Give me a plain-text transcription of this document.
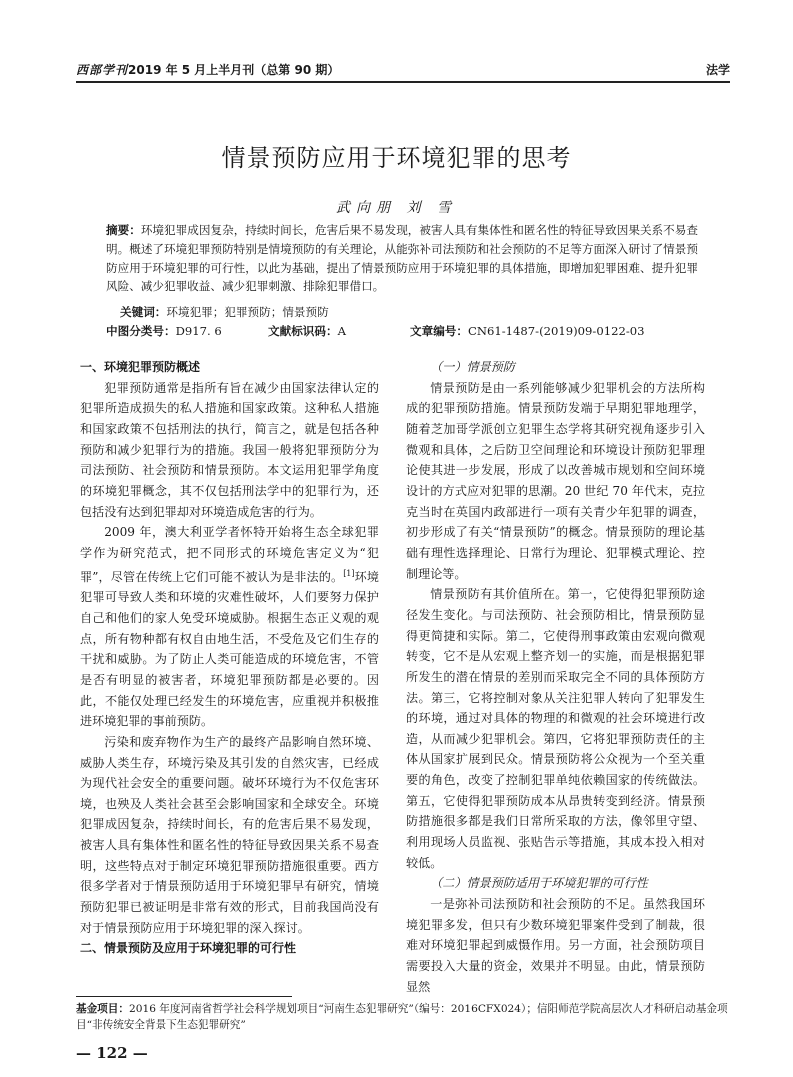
西部学刊2019 年 5 月上半月刊（总第 90 期）	法学
情景预防应用于环境犯罪的思考
武向朋 刘 雪
摘要：环境犯罪成因复杂，持续时间长，危害后果不易发现，被害人具有集体性和匿名性的特征导致因果关系不易查明。概述了环境犯罪预防特别是情境预防的有关理论，从能弥补司法预防和社会预防的不足等方面深入研讨了情景预防应用于环境犯罪的可行性，以此为基础，提出了情景预防应用于环境犯罪的具体措施，即增加犯罪困难、提升犯罪风险、减少犯罪收益、减少犯罪刺激、排除犯罪借口。
关键词：环境犯罪；犯罪预防；情景预防
中图分类号：D917. 6	文献标识码：A	文章编号：CN61-1487-(2019)09-0122-03

一、环境犯罪预防概述

犯罪预防通常是指所有旨在减少由国家法律认定的犯罪所造成损失的私人措施和国家政策。这种私人措施和国家政策不包括刑法的执行，简言之，就是包括各种预防和减少犯罪行为的措施。我国一般将犯罪预防分为司法预防、社会预防和情景预防。本文运用犯罪学角度的环境犯罪概念，其不仅包括刑法学中的犯罪行为，还包括没有达到犯罪却对环境造成危害的行为。

2009 年，澳大利亚学者怀特开始将生态全球犯罪学作为研究范式，把不同形式的环境危害定义为“犯罪”，尽管在传统上它们可能不被认为是非法的。[1]环境犯罪可导致人类和环境的灾难性破坏，人们要努力保护自己和他们的家人免受环境威胁。根据生态正义观的观点，所有物种都有权自由地生活，不受危及它们生存的干扰和威胁。为了防止人类可能造成的环境危害，不管是否有明显的被害者，环境犯罪预防都是必要的。因此，不能仅处理已经发生的环境危害，应重视并积极推进环境犯罪的事前预防。

污染和废弃物作为生产的最终产品影响自然环境、威胁人类生存，环境污染及其引发的自然灾害，已经成为现代社会安全的重要问题。破坏环境行为不仅危害环境，也殃及人类社会甚至会影响国家和全球安全。环境犯罪成因复杂，持续时间长，有的危害后果不易发现，被害人具有集体性和匿名性的特征导致因果关系不易查明，这些特点对于制定环境犯罪预防措施很重要。西方很多学者对于情景预防适用于环境犯罪早有研究，情境预防犯罪已被证明是非常有效的形式，目前我国尚没有对于情景预防应用于环境犯罪的深入探讨。

二、情景预防及应用于环境犯罪的可行性

（一）情景预防

情景预防是由一系列能够减少犯罪机会的方法所构成的犯罪预防措施。情景预防发端于早期犯罪地理学，随着芝加哥学派创立犯罪生态学将其研究视角逐步引入微观和具体，之后防卫空间理论和环境设计预防犯罪理论使其进一步发展，形成了以改善城市规划和空间环境设计的方式应对犯罪的思潮。20 世纪 70 年代末，克拉克当时在英国内政部进行一项有关青少年犯罪的调查，初步形成了有关“情景预防”的概念。情景预防的理论基础有理性选择理论、日常行为理论、犯罪模式理论、控制理论等。

情景预防有其价值所在。第一，它使得犯罪预防途径发生变化。与司法预防、社会预防相比，情景预防显得更简捷和实际。第二，它使得刑事政策由宏观向微观转变，它不是从宏观上整齐划一的实施，而是根据犯罪所发生的潜在情景的差别而采取完全不同的具体预防方法。第三，它将控制对象从关注犯罪人转向了犯罪发生的环境，通过对具体的物理的和微观的社会环境进行改造，从而减少犯罪机会。第四，它将犯罪预防责任的主体从国家扩展到民众。情景预防将公众视为一个至关重要的角色，改变了控制犯罪单纯依赖国家的传统做法。第五，它使得犯罪预防成本从昂贵转变到经济。情景预防措施很多都是我们日常所采取的方法，像邻里守望、利用现场人员监视、张贴告示等措施，其成本投入相对较低。

（二）情景预防适用于环境犯罪的可行性

一是弥补司法预防和社会预防的不足。虽然我国环境犯罪多发，但只有少数环境犯罪案件受到了制裁，很难对环境犯罪起到威慑作用。另一方面，社会预防项目需要投入大量的资金，效果并不明显。由此，情景预防显然

基金项目：2016 年度河南省哲学社会科学规划项目“河南生态犯罪研究”（编号：2016CFX024）；信阳师范学院高层次人才科研启动基金项目“非传统安全背景下生态犯罪研究”
— 122 —
